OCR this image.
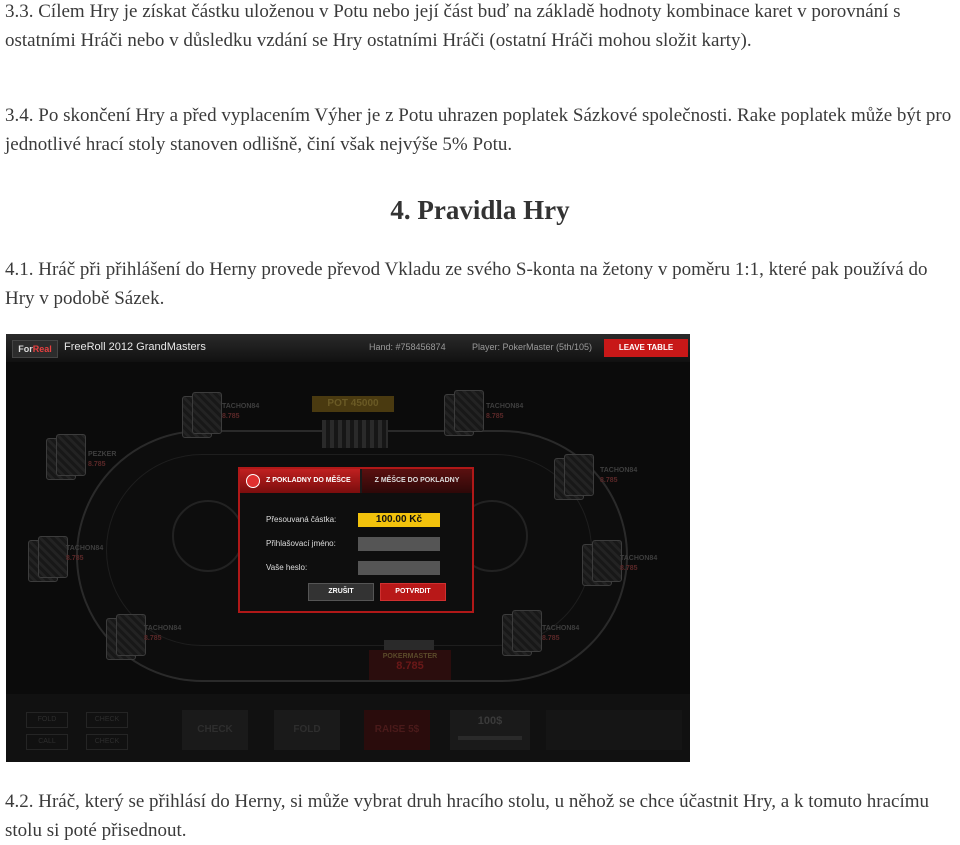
3.3. Cílem Hry je získat částku uloženou v Potu nebo její část buď na základě hodnoty kombinace karet v porovnání s ostatními Hráči nebo v důsledku vzdání se Hry ostatními Hráči (ostatní Hráči mohou složit karty).

3.4. Po skončení Hry a před vyplacením Výher je z Potu uhrazen poplatek Sázkové společnosti. Rake poplatek může být pro jednotlivé hrací stoly stanoven odlišně, činí však nejvýše 5% Potu.

4. Pravidla Hry

4.1. Hráč při přihlášení do Herny provede převod Vkladu ze svého S-konta na žetony v poměru 1:1, které pak používá do Hry v podobě Sázek.

ForReal	FreeRoll 2012 GrandMasters	Hand: #758456874	Player: PokerMaster (5th/105)	LEAVE TABLE
POT 45000
TACHON84
8.785
TACHON84
8.785
PEZKER
8.785
TACHON84
8.785
TACHON84
8.785	TACHON84
8.785
TACHON84
8.785
TACHON84
8.785
POKERMASTER
8.785
Z POKLADNY DO MĚŠCE	Z MĚŠCE DO POKLADNY
Přesouvaná částka:	100.00 Kč
Přihlašovací jméno:
Vaše heslo:
ZRUŠIT	POTVRDIT
FOLD	CHECK
CALL	CHECK
CHECK	FOLD	RAISE 5$
100$

4.2. Hráč, který se přihlásí do Herny, si může vybrat druh hracího stolu, u něhož se chce účastnit Hry, a k tomuto hracímu stolu si poté přisednout.
